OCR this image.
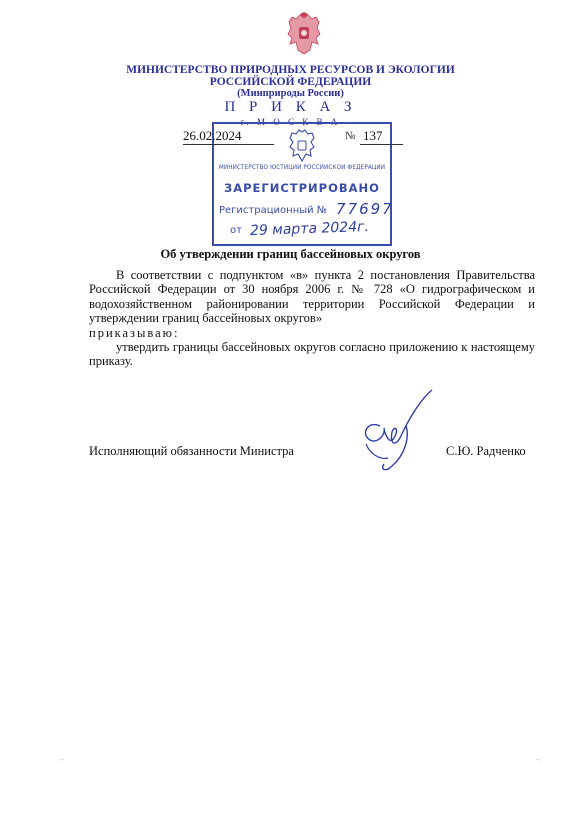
МИНИСТЕРСТВО ПРИРОДНЫХ РЕСУРСОВ И ЭКОЛОГИИ
РОССИЙСКОЙ ФЕДЕРАЦИИ
(Минприроды России)
П Р И К А З
г. М О С К В А
МИНИСТЕРСТВО ЮСТИЦИИ РОССИЙСКОЙ ФЕДЕРАЦИИ
ЗАРЕГИСТРИРОВАНО
Регистрационный № 77697
от 29 марта 2024г.
26.02.2024	№ 137
Об утверждении границ бассейновых округов

В соответствии с подпунктом «в» пункта 2 постановления Правительства Российской Федерации от 30 ноября 2006 г. № 728 «О гидрографическом и водохозяйственном районировании территории Российской Федерации и утверждении границ бассейновых округов»

приказываю:

утвердить границы бассейновых округов согласно приложению к настоящему приказу.

Исполняющий обязанности Министра	С.Ю. Радченко
⌐	¬
